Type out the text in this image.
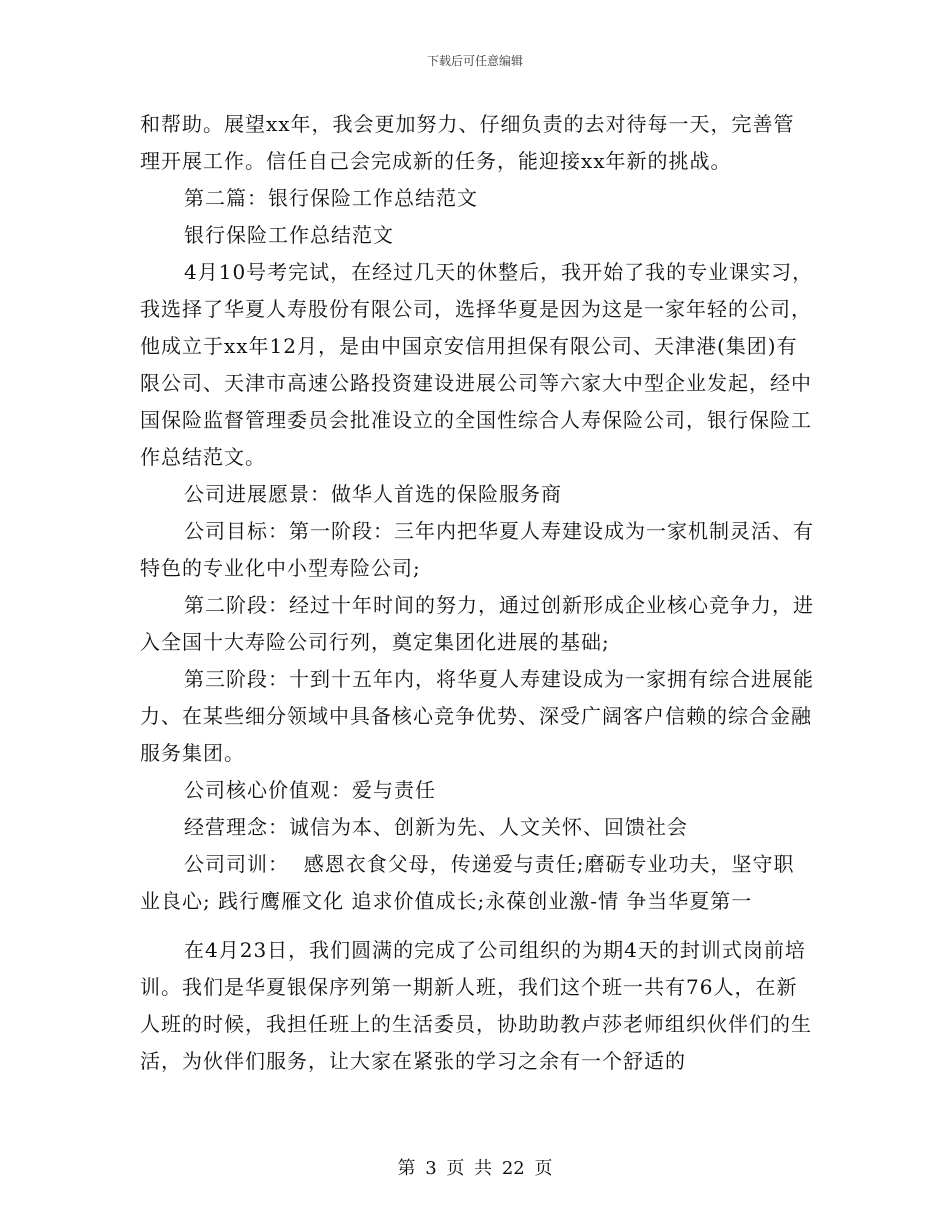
下载后可任意编辑

和帮助。展望xx年，我会更加努力、仔细负责的去对待每一天，完善管理开展工作。信任自己会完成新的任务，能迎接xx年新的挑战。

第二篇：银行保险工作总结范文

银行保险工作总结范文

4月10号考完试，在经过几天的休整后，我开始了我的专业课实习，我选择了华夏人寿股份有限公司，选择华夏是因为这是一家年轻的公司，他成立于xx年12月，是由中国京安信用担保有限公司、天津港(集团)有限公司、天津市高速公路投资建设进展公司等六家大中型企业发起，经中国保险监督管理委员会批准设立的全国性综合人寿保险公司，银行保险工作总结范文。

公司进展愿景：做华人首选的保险服务商

公司目标：第一阶段：三年内把华夏人寿建设成为一家机制灵活、有特色的专业化中小型寿险公司;

第二阶段：经过十年时间的努力，通过创新形成企业核心竞争力，进入全国十大寿险公司行列，奠定集团化进展的基础;

第三阶段：十到十五年内，将华夏人寿建设成为一家拥有综合进展能力、在某些细分领域中具备核心竞争优势、深受广阔客户信赖的综合金融服务集团。

公司核心价值观：爱与责任

经营理念：诚信为本、创新为先、人文关怀、回馈社会

公司司训：  感恩衣食父母，传递爱与责任;磨砺专业功夫，坚守职业良心; 践行鹰雁文化 追求价值成长;永葆创业激-情 争当华夏第一

在4月23日，我们圆满的完成了公司组织的为期4天的封训式岗前培训。我们是华夏银保序列第一期新人班，我们这个班一共有76人，在新人班的时候，我担任班上的生活委员，协助助教卢莎老师组织伙伴们的生活，为伙伴们服务，让大家在紧张的学习之余有一个舒适的

第 3 页 共 22 页
